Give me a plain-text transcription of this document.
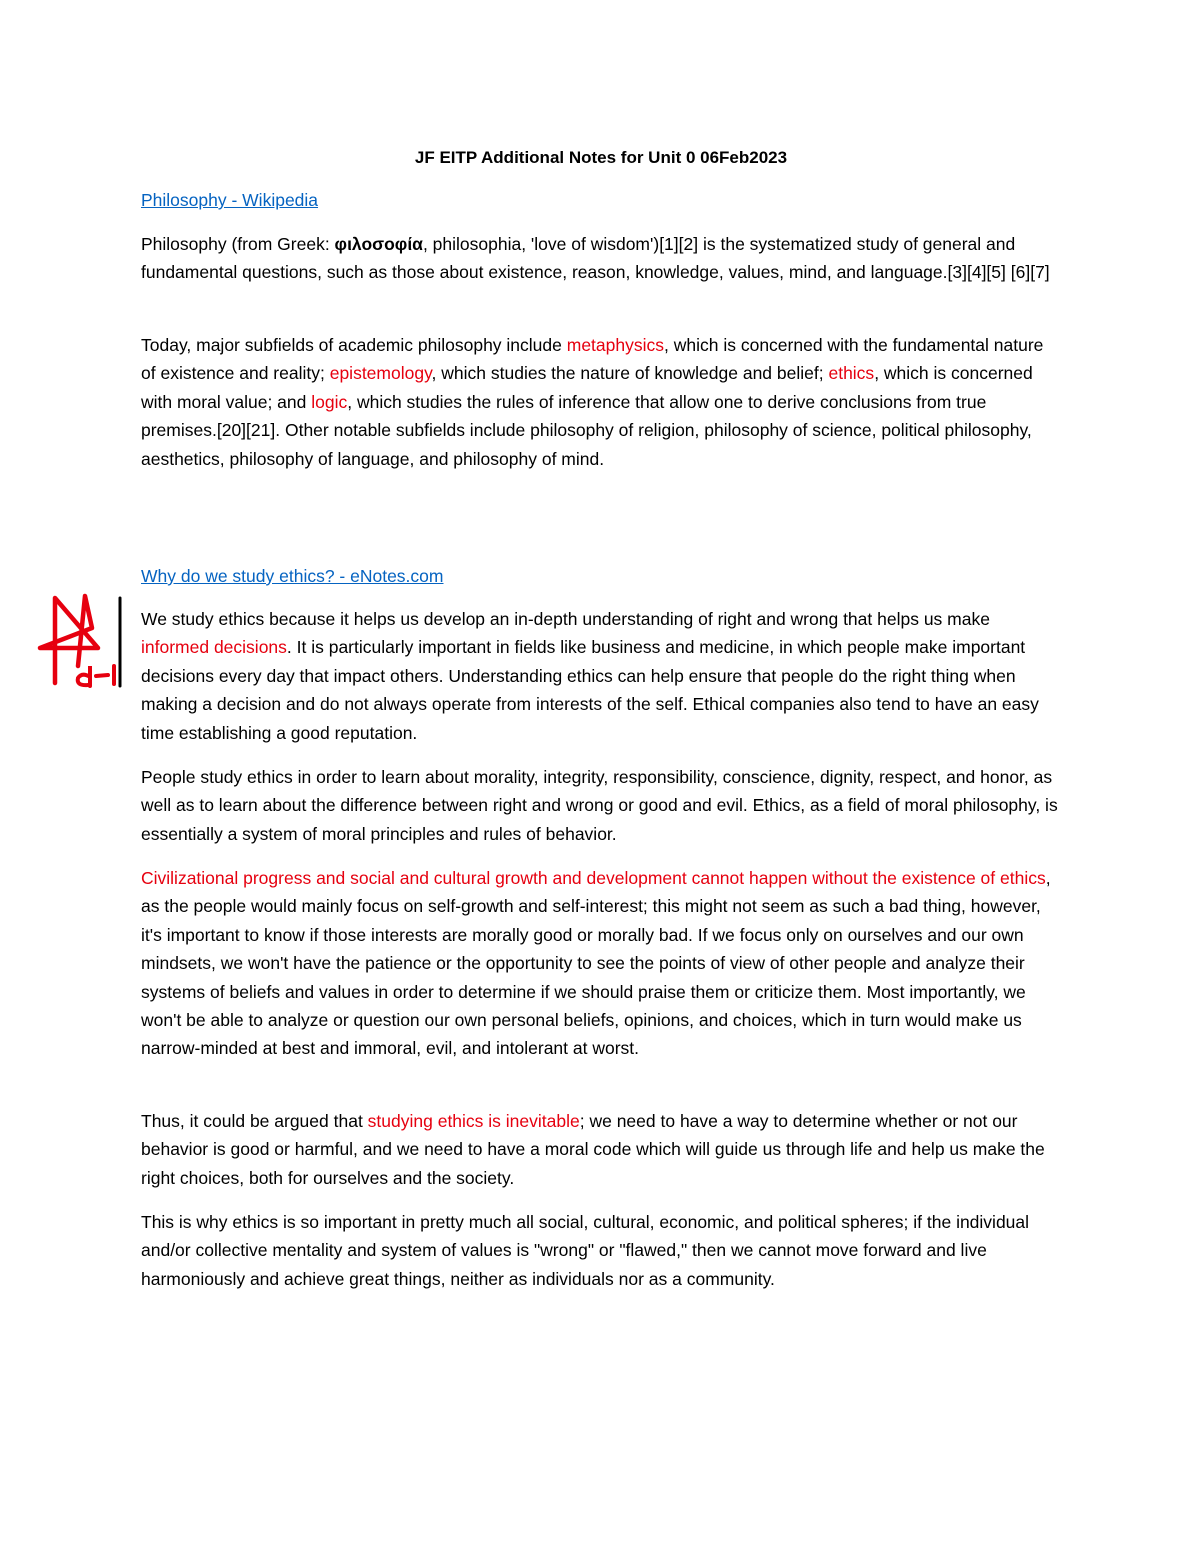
JF EITP Additional Notes for Unit 0 06Feb2023

Philosophy - Wikipedia

Philosophy (from Greek: φιλοσοφία, philosophia, 'love of wisdom')[1][2] is the systematized study of general and fundamental questions, such as those about existence, reason, knowledge, values, mind, and language.[3][4][5] [6][7]

Today, major subfields of academic philosophy include metaphysics, which is concerned with the fundamental nature of existence and reality; epistemology, which studies the nature of knowledge and belief; ethics, which is concerned with moral value; and logic, which studies the rules of inference that allow one to derive conclusions from true premises.[20][21]. Other notable subfields include philosophy of religion, philosophy of science, political philosophy, aesthetics, philosophy of language, and philosophy of mind.

Why do we study ethics? - eNotes.com

We study ethics because it helps us develop an in-depth understanding of right and wrong that helps us make informed decisions. It is particularly important in fields like business and medicine, in which people make important decisions every day that impact others. Understanding ethics can help ensure that people do the right thing when making a decision and do not always operate from interests of the self. Ethical companies also tend to have an easy time establishing a good reputation.

People study ethics in order to learn about morality, integrity, responsibility, conscience, dignity, respect, and honor, as well as to learn about the difference between right and wrong or good and evil. Ethics, as a field of moral philosophy, is essentially a system of moral principles and rules of behavior.

Civilizational progress and social and cultural growth and development cannot happen without the existence of ethics, as the people would mainly focus on self-growth and self-interest; this might not seem as such a bad thing, however, it's important to know if those interests are morally good or morally bad. If we focus only on ourselves and our own mindsets, we won't have the patience or the opportunity to see the points of view of other people and analyze their systems of beliefs and values in order to determine if we should praise them or criticize them. Most importantly, we won't be able to analyze or question our own personal beliefs, opinions, and choices, which in turn would make us narrow-minded at best and immoral, evil, and intolerant at worst.

Thus, it could be argued that studying ethics is inevitable; we need to have a way to determine whether or not our behavior is good or harmful, and we need to have a moral code which will guide us through life and help us make the right choices, both for ourselves and the society.

This is why ethics is so important in pretty much all social, cultural, economic, and political spheres; if the individual and/or collective mentality and system of values is "wrong" or "flawed," then we cannot move forward and live harmoniously and achieve great things, neither as individuals nor as a community.
